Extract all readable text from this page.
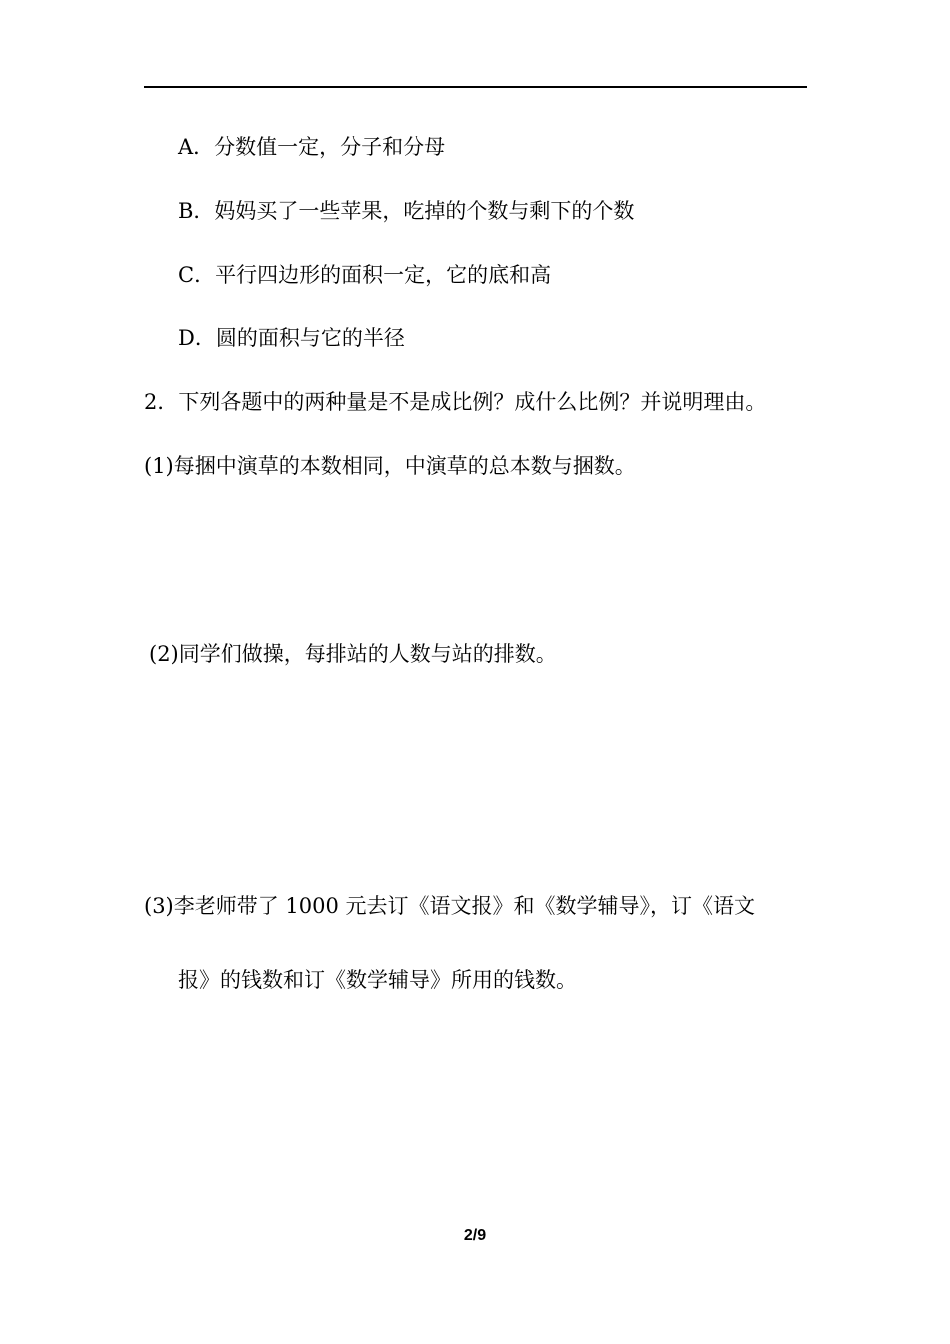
A．分数值一定，分子和分母
B．妈妈买了一些苹果，吃掉的个数与剩下的个数
C．平行四边形的面积一定，它的底和高
D．圆的面积与它的半径
2．下列各题中的两种量是不是成比例？成什么比例？并说明理由。
(1)每捆中演草的本数相同，中演草的总本数与捆数。
(2)同学们做操，每排站的人数与站的排数。
(3)李老师带了 1000 元去订《语文报》和《数学辅导》，订《语文
报》的钱数和订《数学辅导》所用的钱数。
2/9
